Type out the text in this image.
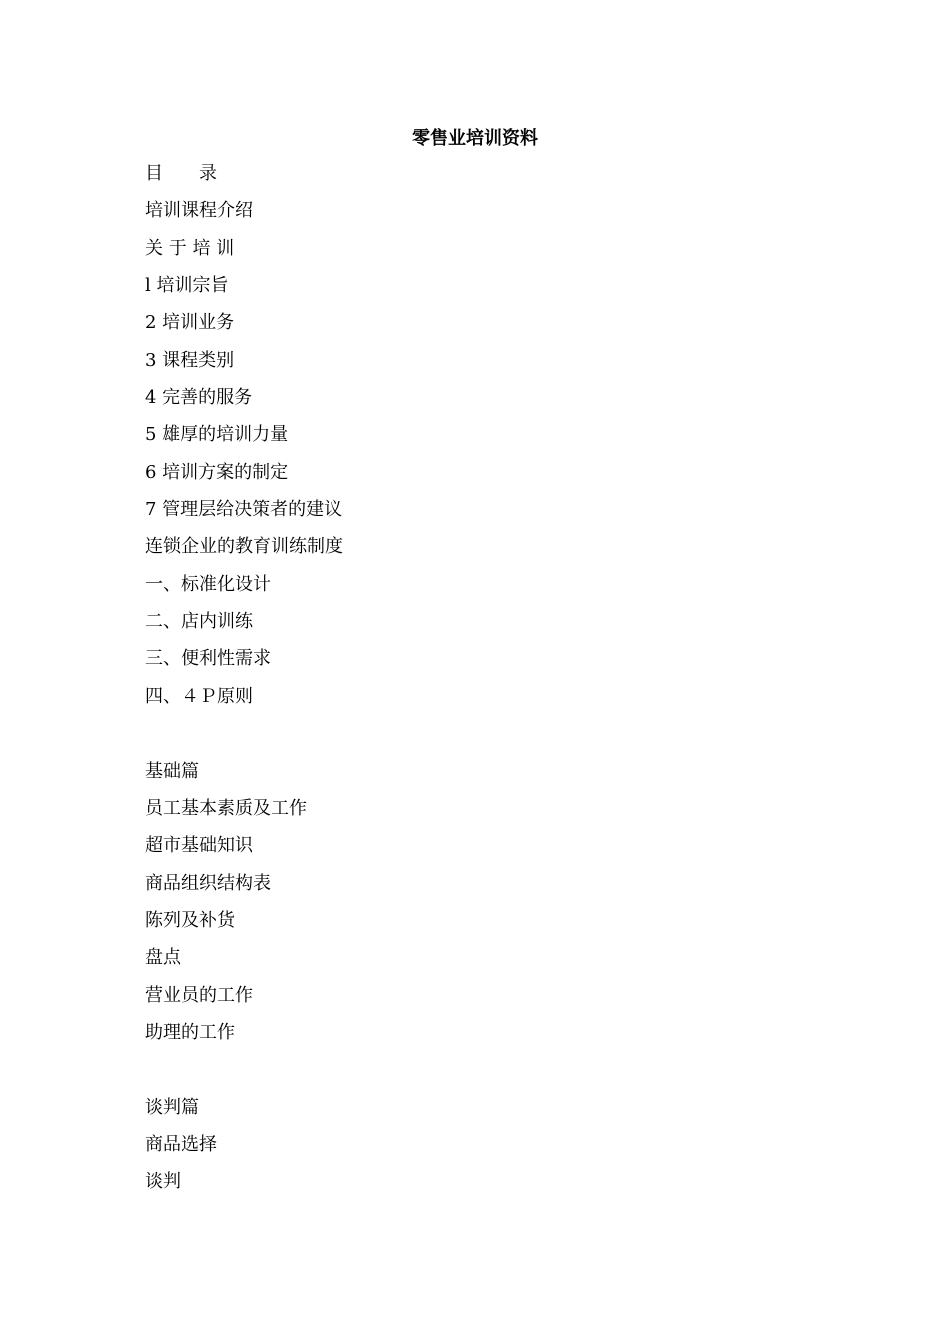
零售业培训资料
目　　录
培训课程介绍
关 于 培 训
l 培训宗旨
2 培训业务
3 课程类别
4 完善的服务
5 雄厚的培训力量
6 培训方案的制定
7 管理层给决策者的建议
连锁企业的教育训练制度
一、标准化设计
二、店内训练
三、便利性需求
四、４Ｐ原则
基础篇
员工基本素质及工作
超市基础知识
商品组织结构表
陈列及补货
盘点
营业员的工作
助理的工作
谈判篇
商品选择
谈判
